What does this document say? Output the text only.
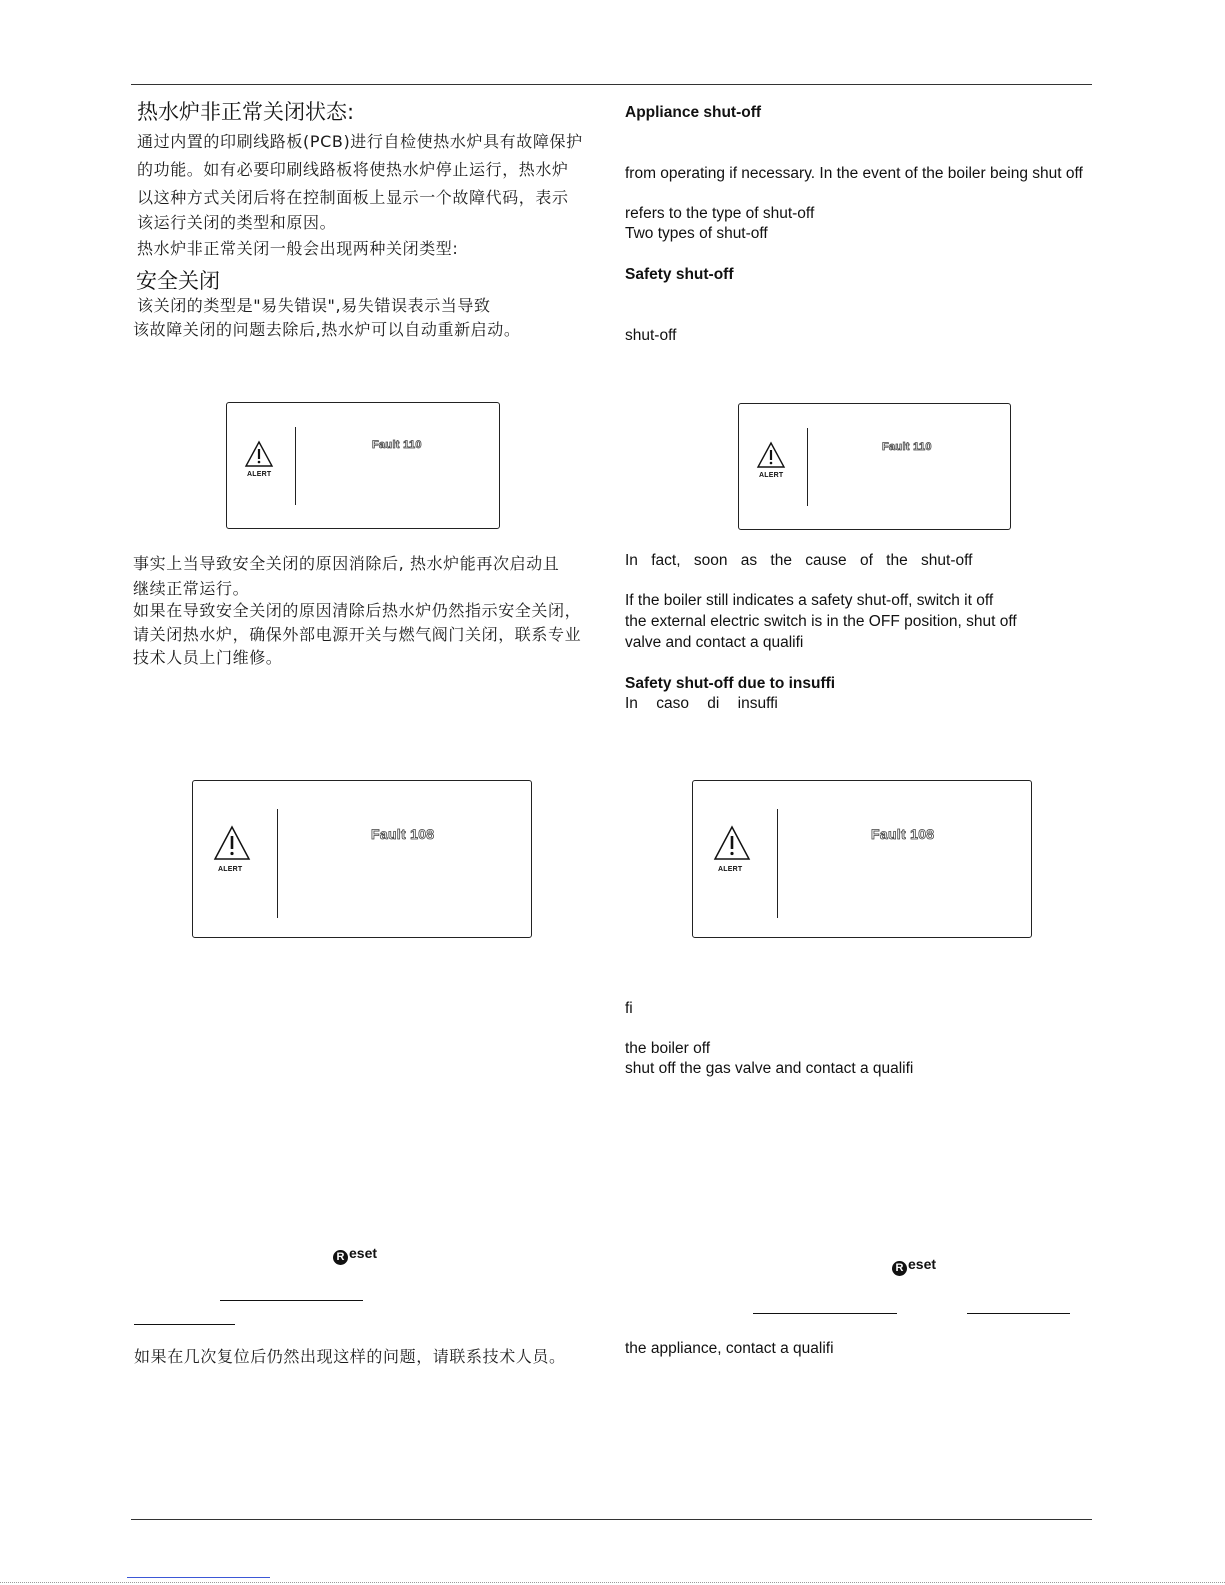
热水炉非正常关闭状态:
通过内置的印刷线路板(PCB)进行自检使热水炉具有故障保护
的功能。如有必要印刷线路板将使热水炉停止运行，热水炉
以这种方式关闭后将在控制面板上显示一个故障代码，表示
该运行关闭的类型和原因。
热水炉非正常关闭一般会出现两种关闭类型:
安全关闭
该关闭的类型是"易失错误",易失错误表示当导致
该故障关闭的问题去除后,热水炉可以自动重新启动。
ALERT
Fault 110
事实上当导致安全关闭的原因消除后, 热水炉能再次启动且
继续正常运行。
如果在导致安全关闭的原因清除后热水炉仍然指示安全关闭，
请关闭热水炉，确保外部电源开关与燃气阀门关闭，联系专业
技术人员上门维修。
ALERT
Fault 108
R eset
如果在几次复位后仍然出现这样的问题，请联系技术人员。
Appliance shut-off
from operating if necessary. In the event of the boiler being shut off
refers to the type of shut-off
Two types of shut-off
Safety shut-off
shut-off
ALERT
Fault 110
In fact, soon as the cause of the shut-off
If the boiler still indicates a safety shut-off, switch it off
the external electric switch is in the OFF position, shut off
valve and contact a qualifi
Safety shut-off due to insuffi
In caso di insuffi
ALERT
Fault 108
fi
the boiler off
shut off the gas valve and contact a qualifi
R eset
the appliance, contact a qualifi
